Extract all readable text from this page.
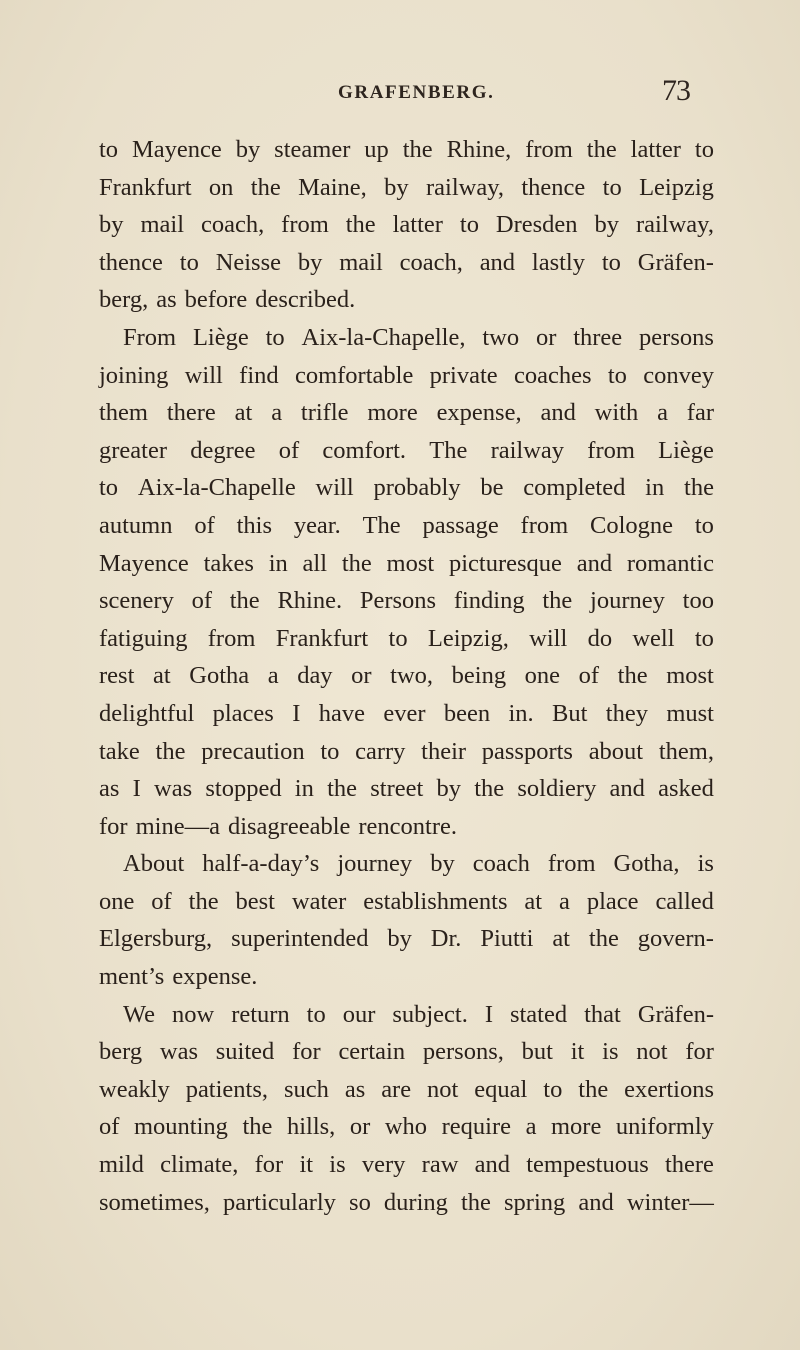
GRAFENBERG.	73
to Mayence by steamer up the Rhine, from the latter to
Frankfurt on the Maine, by railway, thence to Leipzig
by mail coach, from the latter to Dresden by railway,
thence to Neisse by mail coach, and lastly to Gräfen-
berg, as before described.
From Liège to Aix-la-Chapelle, two or three persons
joining will find comfortable private coaches to convey
them there at a trifle more expense, and with a far
greater degree of comfort. The railway from Liège
to Aix-la-Chapelle will probably be completed in the
autumn of this year. The passage from Cologne to
Mayence takes in all the most picturesque and romantic
scenery of the Rhine. Persons finding the journey too
fatiguing from Frankfurt to Leipzig, will do well to
rest at Gotha a day or two, being one of the most
delightful places I have ever been in. But they must
take the precaution to carry their passports about them,
as I was stopped in the street by the soldiery and asked
for mine—a disagreeable rencontre.
About half-a-day’s journey by coach from Gotha, is
one of the best water establishments at a place called
Elgersburg, superintended by Dr. Piutti at the govern-
ment’s expense.
We now return to our subject. I stated that Gräfen-
berg was suited for certain persons, but it is not for
weakly patients, such as are not equal to the exertions
of mounting the hills, or who require a more uniformly
mild climate, for it is very raw and tempestuous there
sometimes, particularly so during the spring and winter—
